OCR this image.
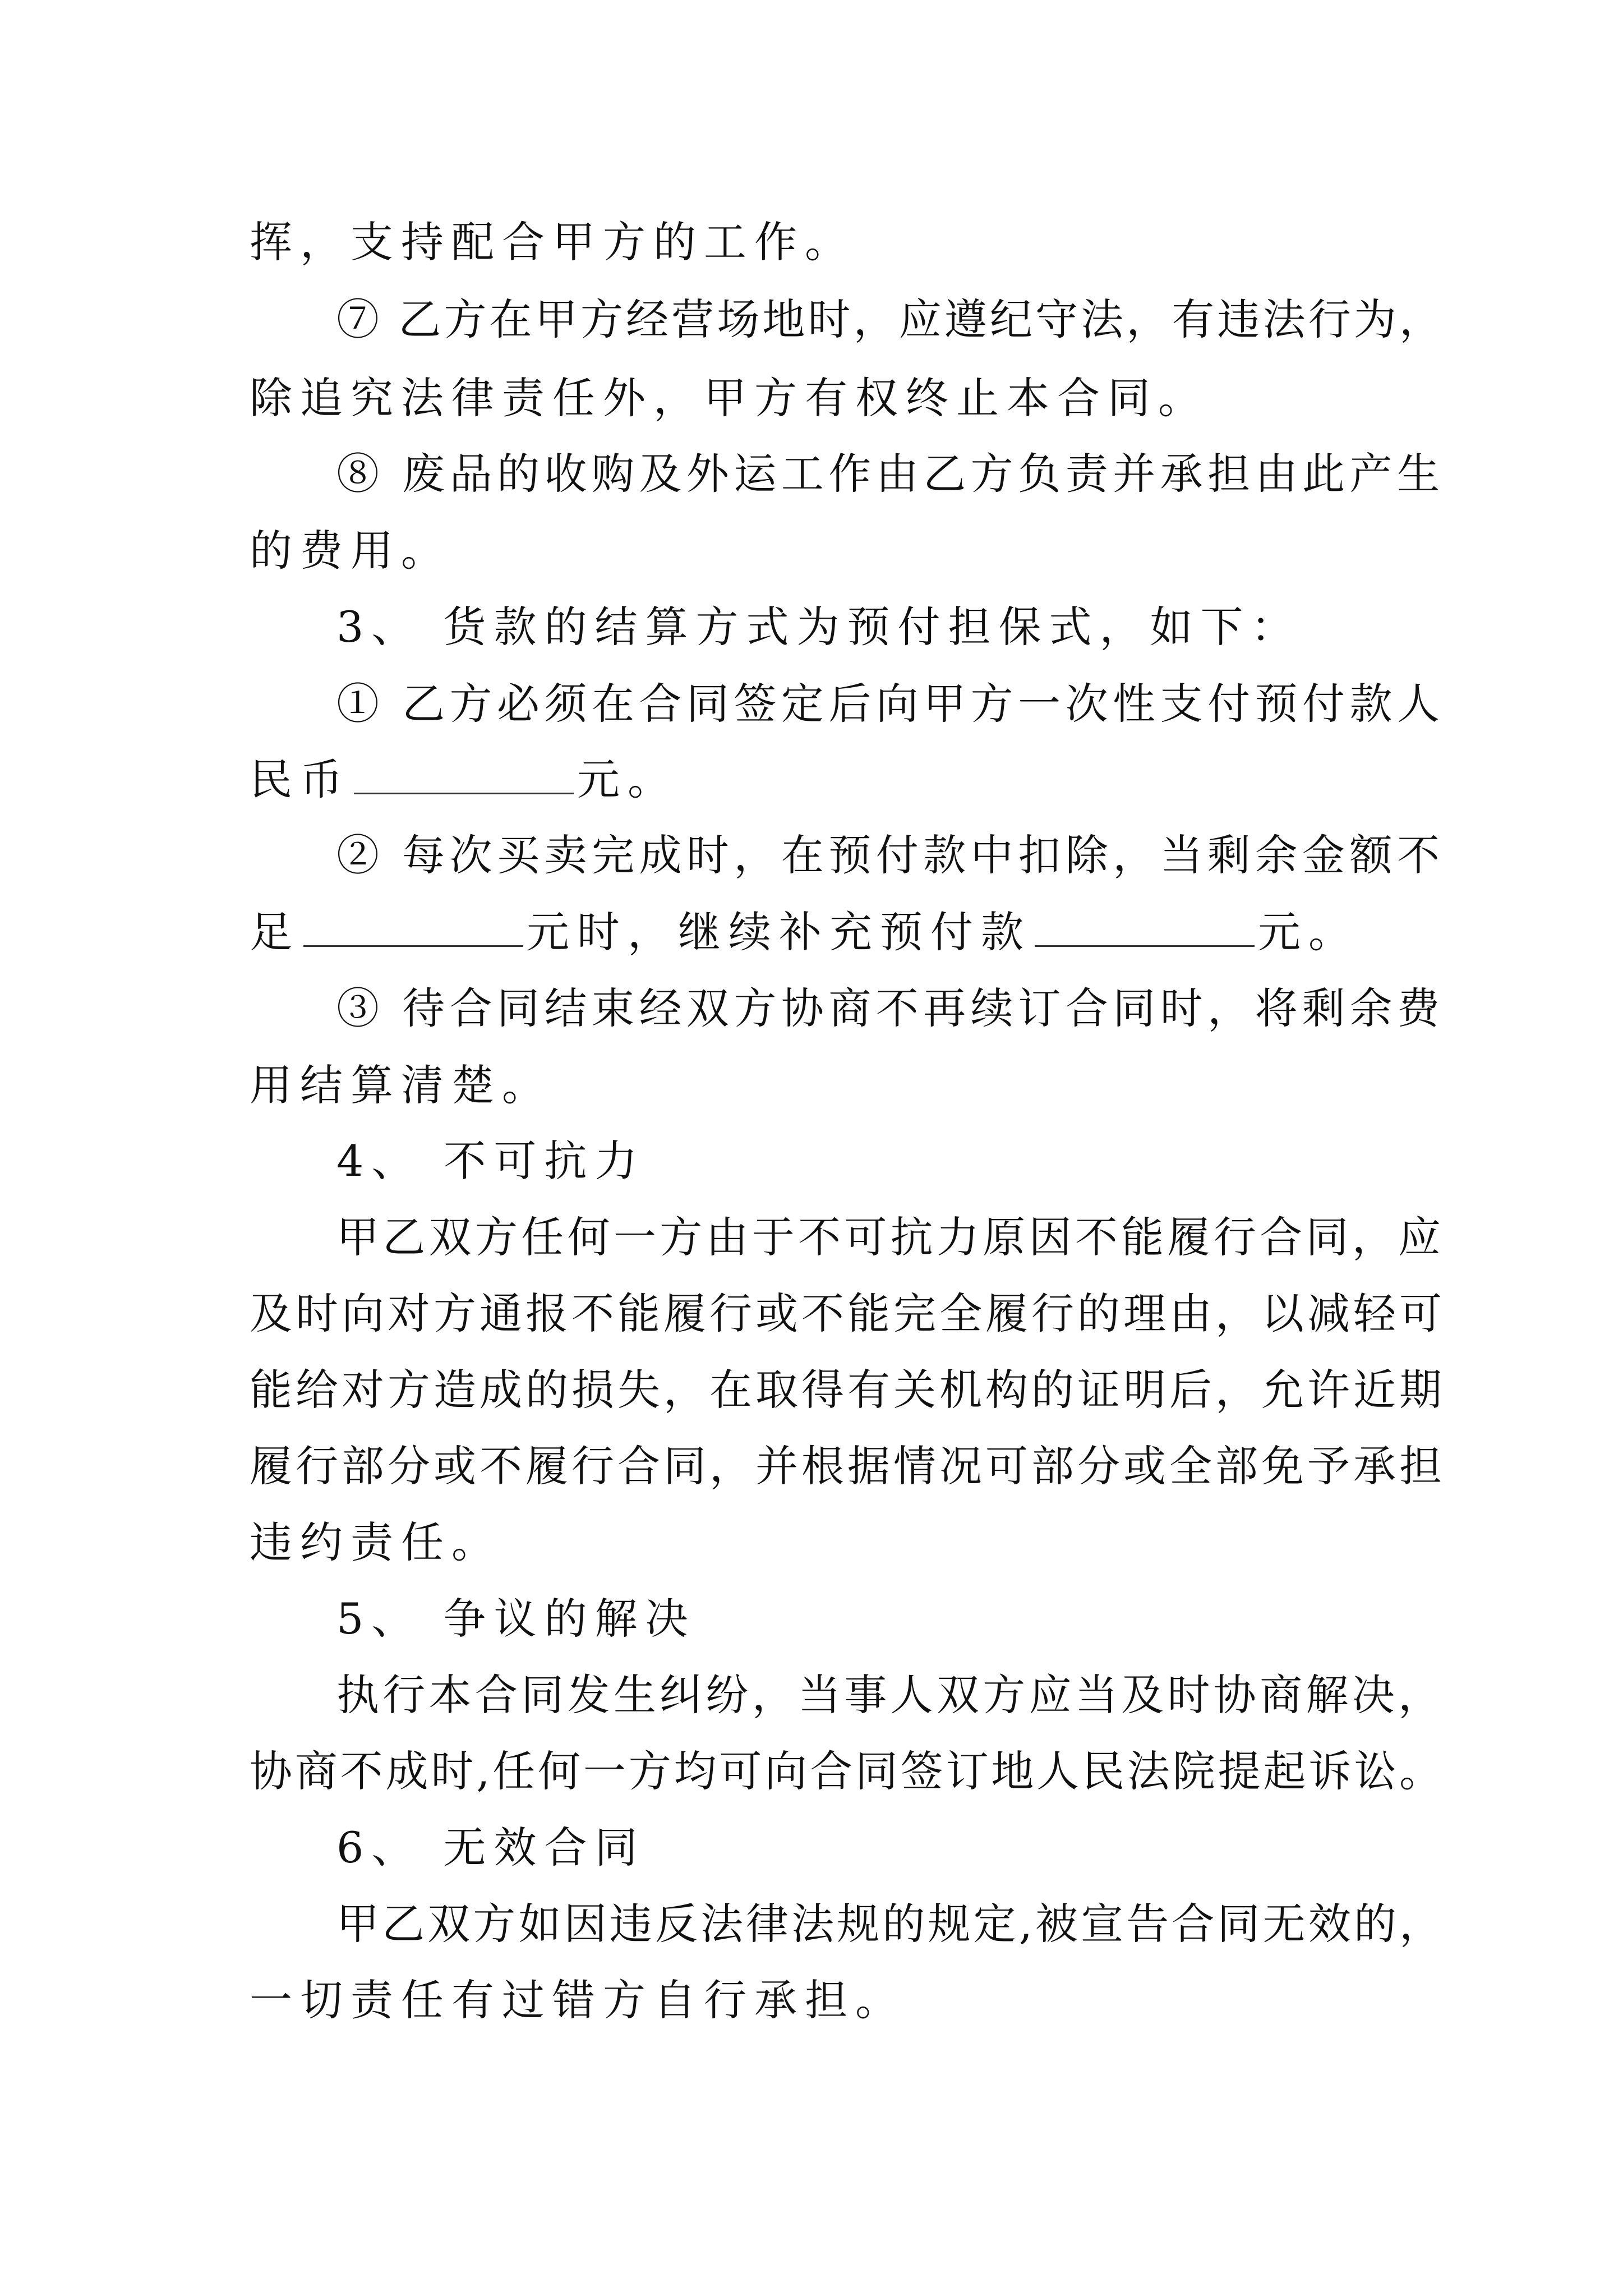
挥，支持配合甲方的工作。
⑦ 乙方在甲方经营场地时，应遵纪守法，有违法行为，
除追究法律责任外，甲方有权终止本合同。
⑧ 废品的收购及外运工作由乙方负责并承担由此产生
的费用。
3、 货款的结算方式为预付担保式，如下：
① 乙方必须在合同签定后向甲方一次性支付预付款人
民币	元。
② 每次买卖完成时，在预付款中扣除，当剩余金额不
足	元时，继续补充预付款	元。
③ 待合同结束经双方协商不再续订合同时，将剩余费
用结算清楚。
4、 不可抗力
甲乙双方任何一方由于不可抗力原因不能履行合同，应
及时向对方通报不能履行或不能完全履行的理由，以减轻可
能给对方造成的损失，在取得有关机构的证明后，允许近期
履行部分或不履行合同，并根据情况可部分或全部免予承担
违约责任。
5、 争议的解决
执行本合同发生纠纷，当事人双方应当及时协商解决，
协商不成时,任何一方均可向合同签订地人民法院提起诉讼。
6、 无效合同
甲乙双方如因违反法律法规的规定,被宣告合同无效的，
一切责任有过错方自行承担。
